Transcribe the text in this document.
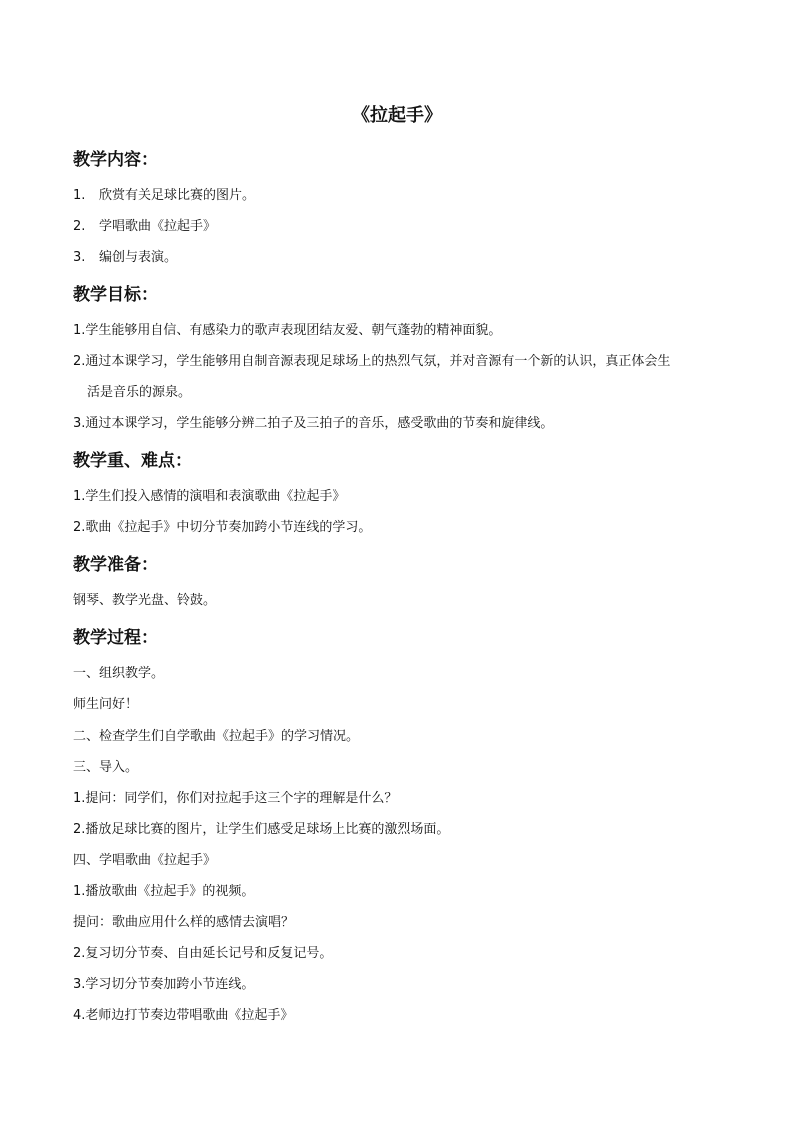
《拉起手》
教学内容：
1. 欣赏有关足球比赛的图片。
2. 学唱歌曲《拉起手》
3. 编创与表演。
教学目标：
1.学生能够用自信、有感染力的歌声表现团结友爱、朝气蓬勃的精神面貌。
2.通过本课学习，学生能够用自制音源表现足球场上的热烈气氛，并对音源有一个新的认识，真正体会生
活是音乐的源泉。
3.通过本课学习，学生能够分辨二拍子及三拍子的音乐，感受歌曲的节奏和旋律线。
教学重、难点：
1.学生们投入感情的演唱和表演歌曲《拉起手》
2.歌曲《拉起手》中切分节奏加跨小节连线的学习。
教学准备：
钢琴、教学光盘、铃鼓。
教学过程：
一、组织教学。
师生问好！
二、检查学生们自学歌曲《拉起手》的学习情况。
三、导入。
1.提问：同学们，你们对拉起手这三个字的理解是什么？
2.播放足球比赛的图片，让学生们感受足球场上比赛的激烈场面。
四、学唱歌曲《拉起手》
1.播放歌曲《拉起手》的视频。
提问：歌曲应用什么样的感情去演唱？
2.复习切分节奏、自由延长记号和反复记号。
3.学习切分节奏加跨小节连线。
4.老师边打节奏边带唱歌曲《拉起手》
